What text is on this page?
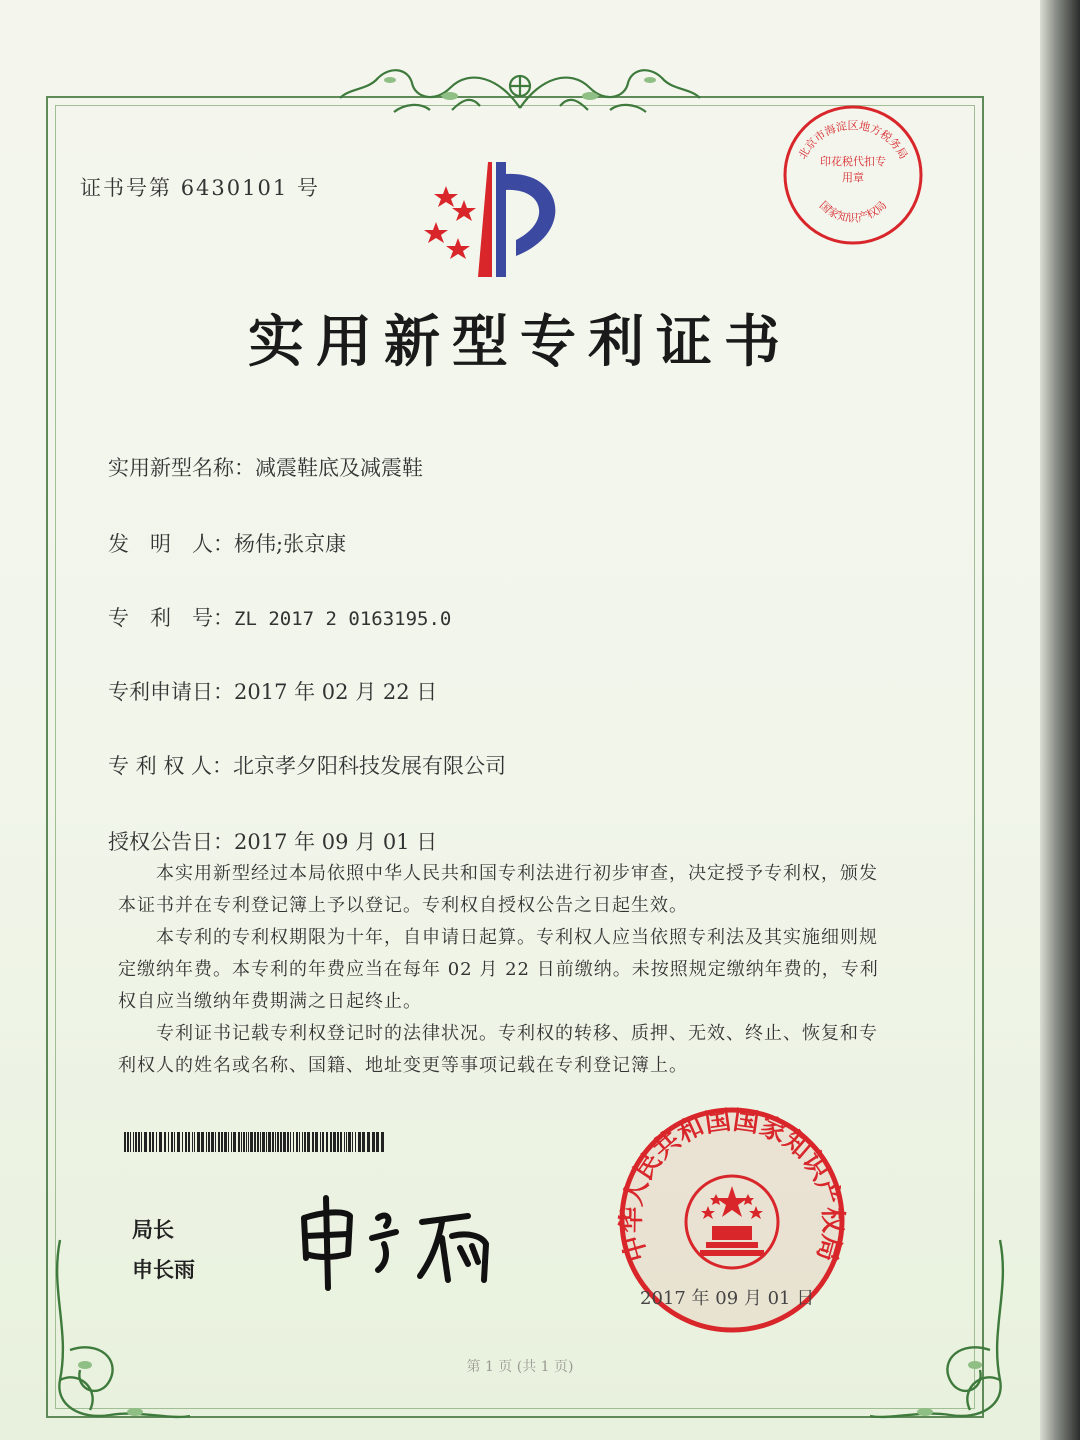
证书号第 6430101 号
北京市海淀区地方税务局
国家知识产权局
印花税代扣专用章
实用新型专利证书
实用新型名称：减震鞋底及减震鞋
发　明　人：杨伟;张京康
专　利　号：ZL 2017 2 0163195.0
专利申请日：2017 年 02 月 22 日
专 利 权 人：北京孝夕阳科技发展有限公司
授权公告日：2017 年 09 月 01 日

本实用新型经过本局依照中华人民共和国专利法进行初步审查，决定授予专利权，颁发本证书并在专利登记簿上予以登记。专利权自授权公告之日起生效。

本专利的专利权期限为十年，自申请日起算。专利权人应当依照专利法及其实施细则规定缴纳年费。本专利的年费应当在每年 02 月 22 日前缴纳。未按照规定缴纳年费的，专利权自应当缴纳年费期满之日起终止。

专利证书记载专利权登记时的法律状况。专利权的转移、质押、无效、终止、恢复和专利权人的姓名或名称、国籍、地址变更等事项记载在专利登记簿上。

局长
申长雨
中华人民共和国国家知识产权局
2017 年 09 月 01 日
第 1 页 (共 1 页)
